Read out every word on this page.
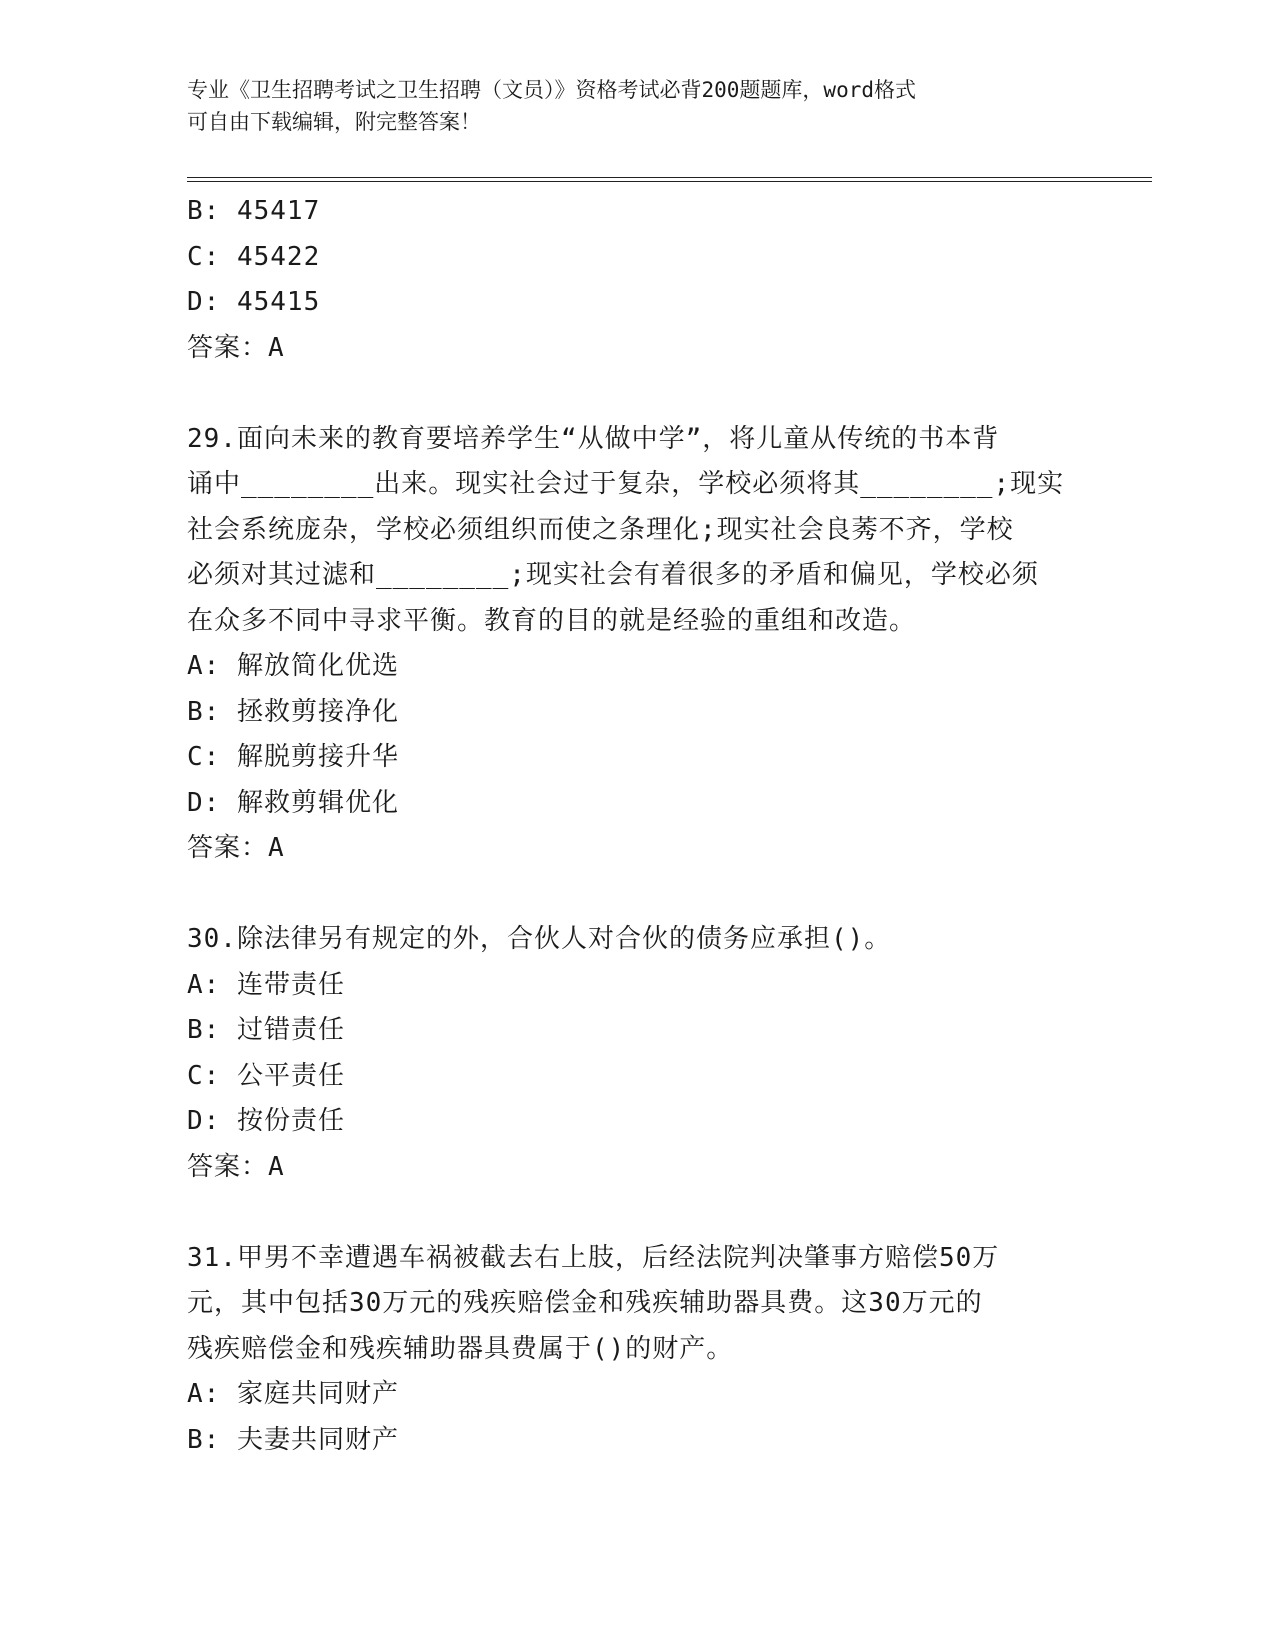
专业《卫生招聘考试之卫生招聘（文员）》资格考试必背200题题库，word格式
可自由下载编辑，附完整答案！
B: 45417
C: 45422
D: 45415
答案：A
29.面向未来的教育要培养学生“从做中学”，将儿童从传统的书本背
诵中________出来。现实社会过于复杂，学校必须将其________;现实
社会系统庞杂，学校必须组织而使之条理化;现实社会良莠不齐，学校
必须对其过滤和________;现实社会有着很多的矛盾和偏见，学校必须
在众多不同中寻求平衡。教育的目的就是经验的重组和改造。
A: 解放简化优选
B: 拯救剪接净化
C: 解脱剪接升华
D: 解救剪辑优化
答案：A
30.除法律另有规定的外，合伙人对合伙的债务应承担()。
A: 连带责任
B: 过错责任
C: 公平责任
D: 按份责任
答案：A
31.甲男不幸遭遇车祸被截去右上肢，后经法院判决肇事方赔偿50万
元，其中包括30万元的残疾赔偿金和残疾辅助器具费。这30万元的
残疾赔偿金和残疾辅助器具费属于()的财产。
A: 家庭共同财产
B: 夫妻共同财产
